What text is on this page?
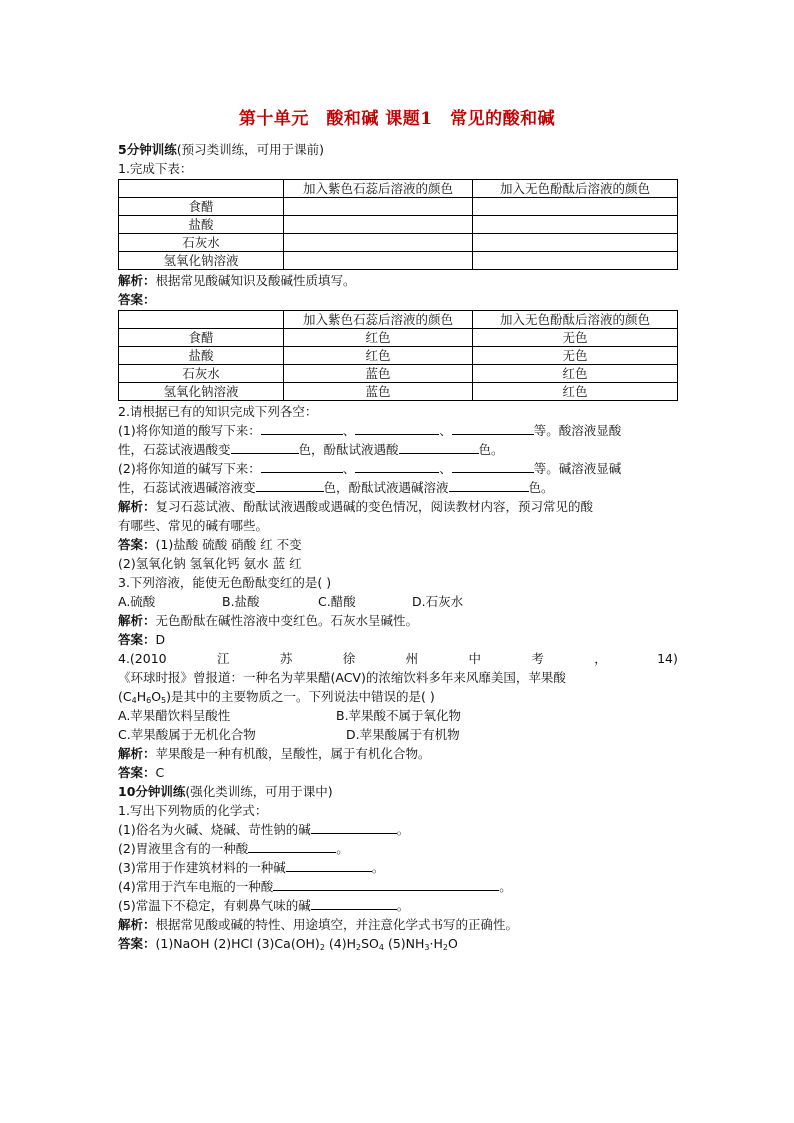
第十单元　酸和碱 课题1　常见的酸和碱

5分钟训练(预习类训练，可用于课前)

1.完成下表：

	加入紫色石蕊后溶液的颜色	加入无色酚酞后溶液的颜色
食醋		
盐酸		
石灰水		
氢氧化钠溶液		

解析：根据常见酸碱知识及酸碱性质填写。

答案：

	加入紫色石蕊后溶液的颜色	加入无色酚酞后溶液的颜色
食醋	红色	无色
盐酸	红色	无色
石灰水	蓝色	红色
氢氧化钠溶液	蓝色	红色

2.请根据已有的知识完成下列各空：

(1)将你知道的酸写下来：	、	、	等。酸溶液显酸

性，石蕊试液遇酸变	色，酚酞试液遇酸	色。

(2)将你知道的碱写下来：	、	、	等。碱溶液显碱

性，石蕊试液遇碱溶液变	色，酚酞试液遇碱溶液	色。

解析：复习石蕊试液、酚酞试液遇酸或遇碱的变色情况，阅读教材内容，预习常见的酸

有哪些、常见的碱有哪些。

答案：(1)盐酸 硫酸 硝酸 红 不变

(2)氢氧化钠 氢氧化钙 氨水 蓝 红

3.下列溶液，能使无色酚酞变红的是( )

A.硫酸	B.盐酸	C.醋酸	D.石灰水

解析：无色酚酞在碱性溶液中变红色。石灰水呈碱性。

答案：D

4.(2010	江	苏	徐	州	中	考	，	14)

《环球时报》曾报道：一种名为苹果醋(ACV)的浓缩饮料多年来风靡美国，苹果酸

$(C_4H_6O_5)$是其中的主要物质之一。下列说法中错误的是( )

A.苹果醋饮料呈酸性	B.苹果酸不属于氧化物

C.苹果酸属于无机化合物	D.苹果酸属于有机物

解析：苹果酸是一种有机酸，呈酸性，属于有机化合物。

答案：C

10分钟训练(强化类训练，可用于课中)

1.写出下列物质的化学式：

(1)俗名为火碱、烧碱、苛性钠的碱	。

(2)胃液里含有的一种酸	。

(3)常用于作建筑材料的一种碱	。

(4)常用于汽车电瓶的一种酸	。

(5)常温下不稳定，有刺鼻气味的碱	。

解析：根据常见酸或碱的特性、用途填空，并注意化学式书写的正确性。

答案：(1)NaOH (2)HCl $(3)Ca(OH)_2$ $(4)H_2SO_4$ $(5)NH_3\cdot H_2O$
